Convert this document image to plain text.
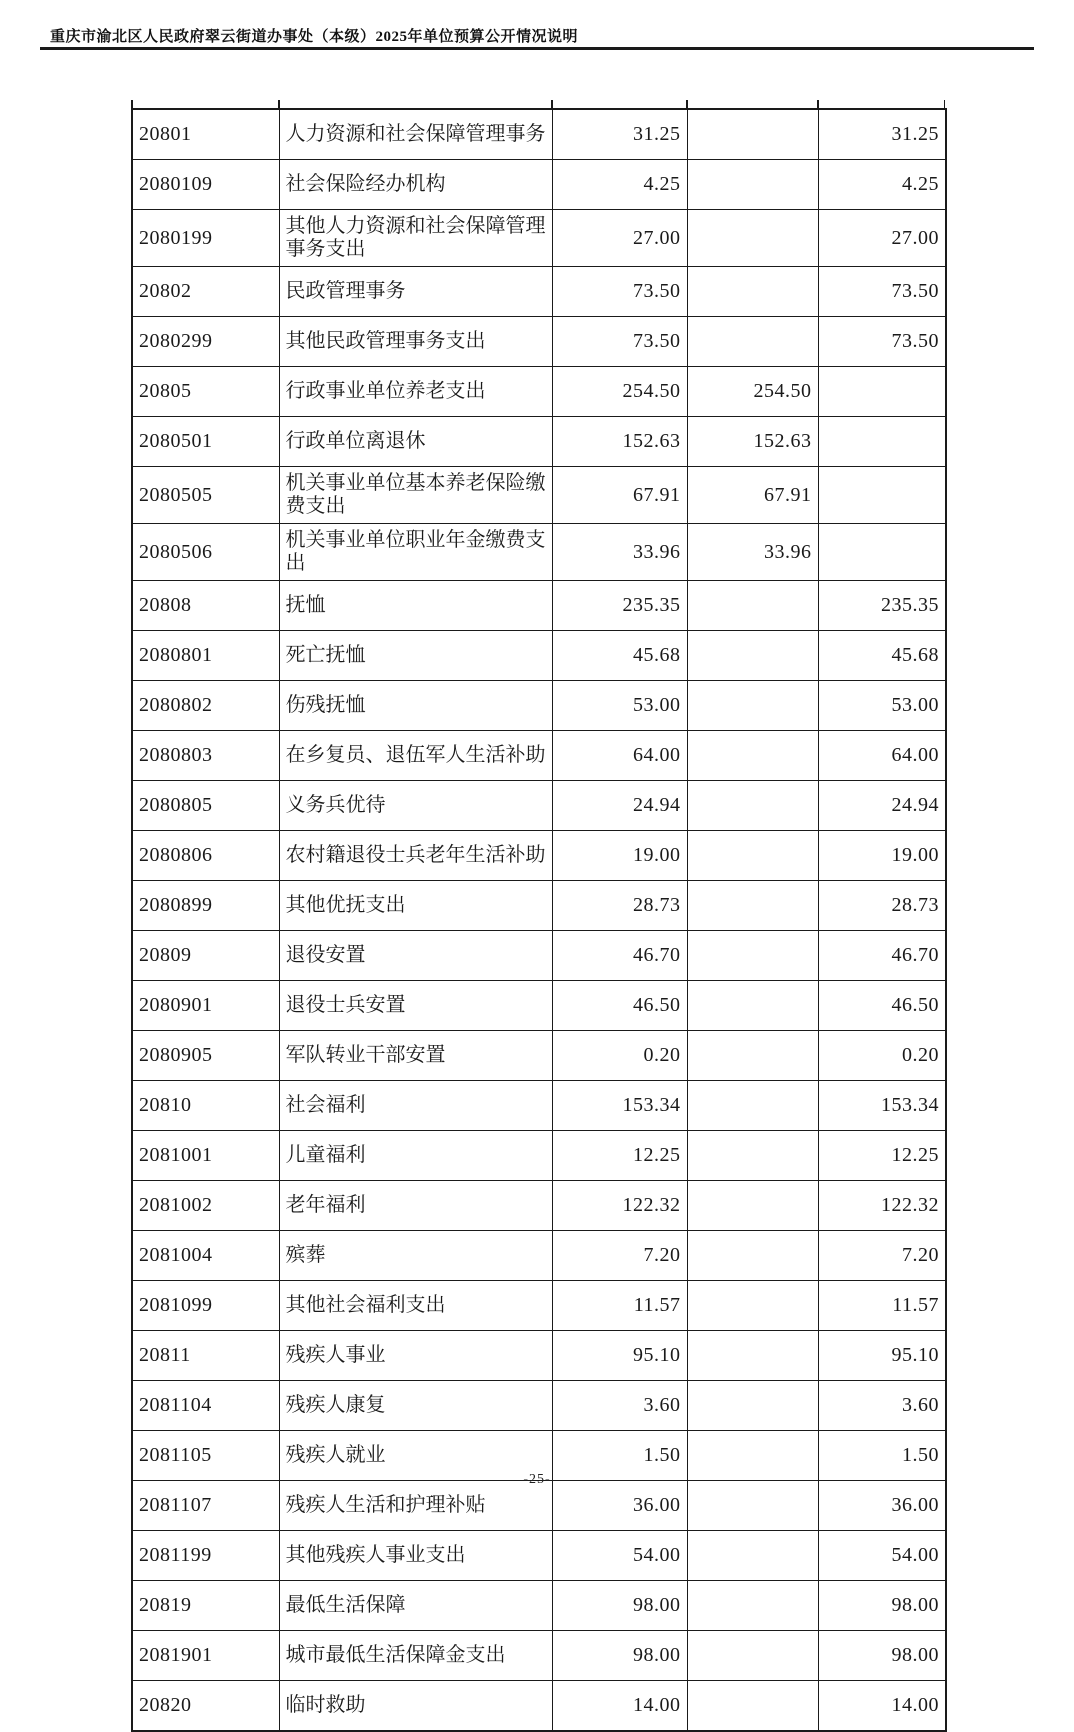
重庆市渝北区人民政府翠云街道办事处（本级）2025年单位预算公开情况说明
20801	人力资源和社会保障管理事务	31.25		31.25
2080109	社会保险经办机构	4.25		4.25
2080199	其他人力资源和社会保障管理事务支出	27.00		27.00
20802	民政管理事务	73.50		73.50
2080299	其他民政管理事务支出	73.50		73.50
20805	行政事业单位养老支出	254.50	254.50	
2080501	行政单位离退休	152.63	152.63	
2080505	机关事业单位基本养老保险缴费支出	67.91	67.91	
2080506	机关事业单位职业年金缴费支出	33.96	33.96	
20808	抚恤	235.35		235.35
2080801	死亡抚恤	45.68		45.68
2080802	伤残抚恤	53.00		53.00
2080803	在乡复员、退伍军人生活补助	64.00		64.00
2080805	义务兵优待	24.94		24.94
2080806	农村籍退役士兵老年生活补助	19.00		19.00
2080899	其他优抚支出	28.73		28.73
20809	退役安置	46.70		46.70
2080901	退役士兵安置	46.50		46.50
2080905	军队转业干部安置	0.20		0.20
20810	社会福利	153.34		153.34
2081001	儿童福利	12.25		12.25
2081002	老年福利	122.32		122.32
2081004	殡葬	7.20		7.20
2081099	其他社会福利支出	11.57		11.57
20811	残疾人事业	95.10		95.10
2081104	残疾人康复	3.60		3.60
2081105	残疾人就业	1.50		1.50
2081107	残疾人生活和护理补贴	36.00		36.00
2081199	其他残疾人事业支出	54.00		54.00
20819	最低生活保障	98.00		98.00
2081901	城市最低生活保障金支出	98.00		98.00
20820	临时救助	14.00		14.00
-25-
